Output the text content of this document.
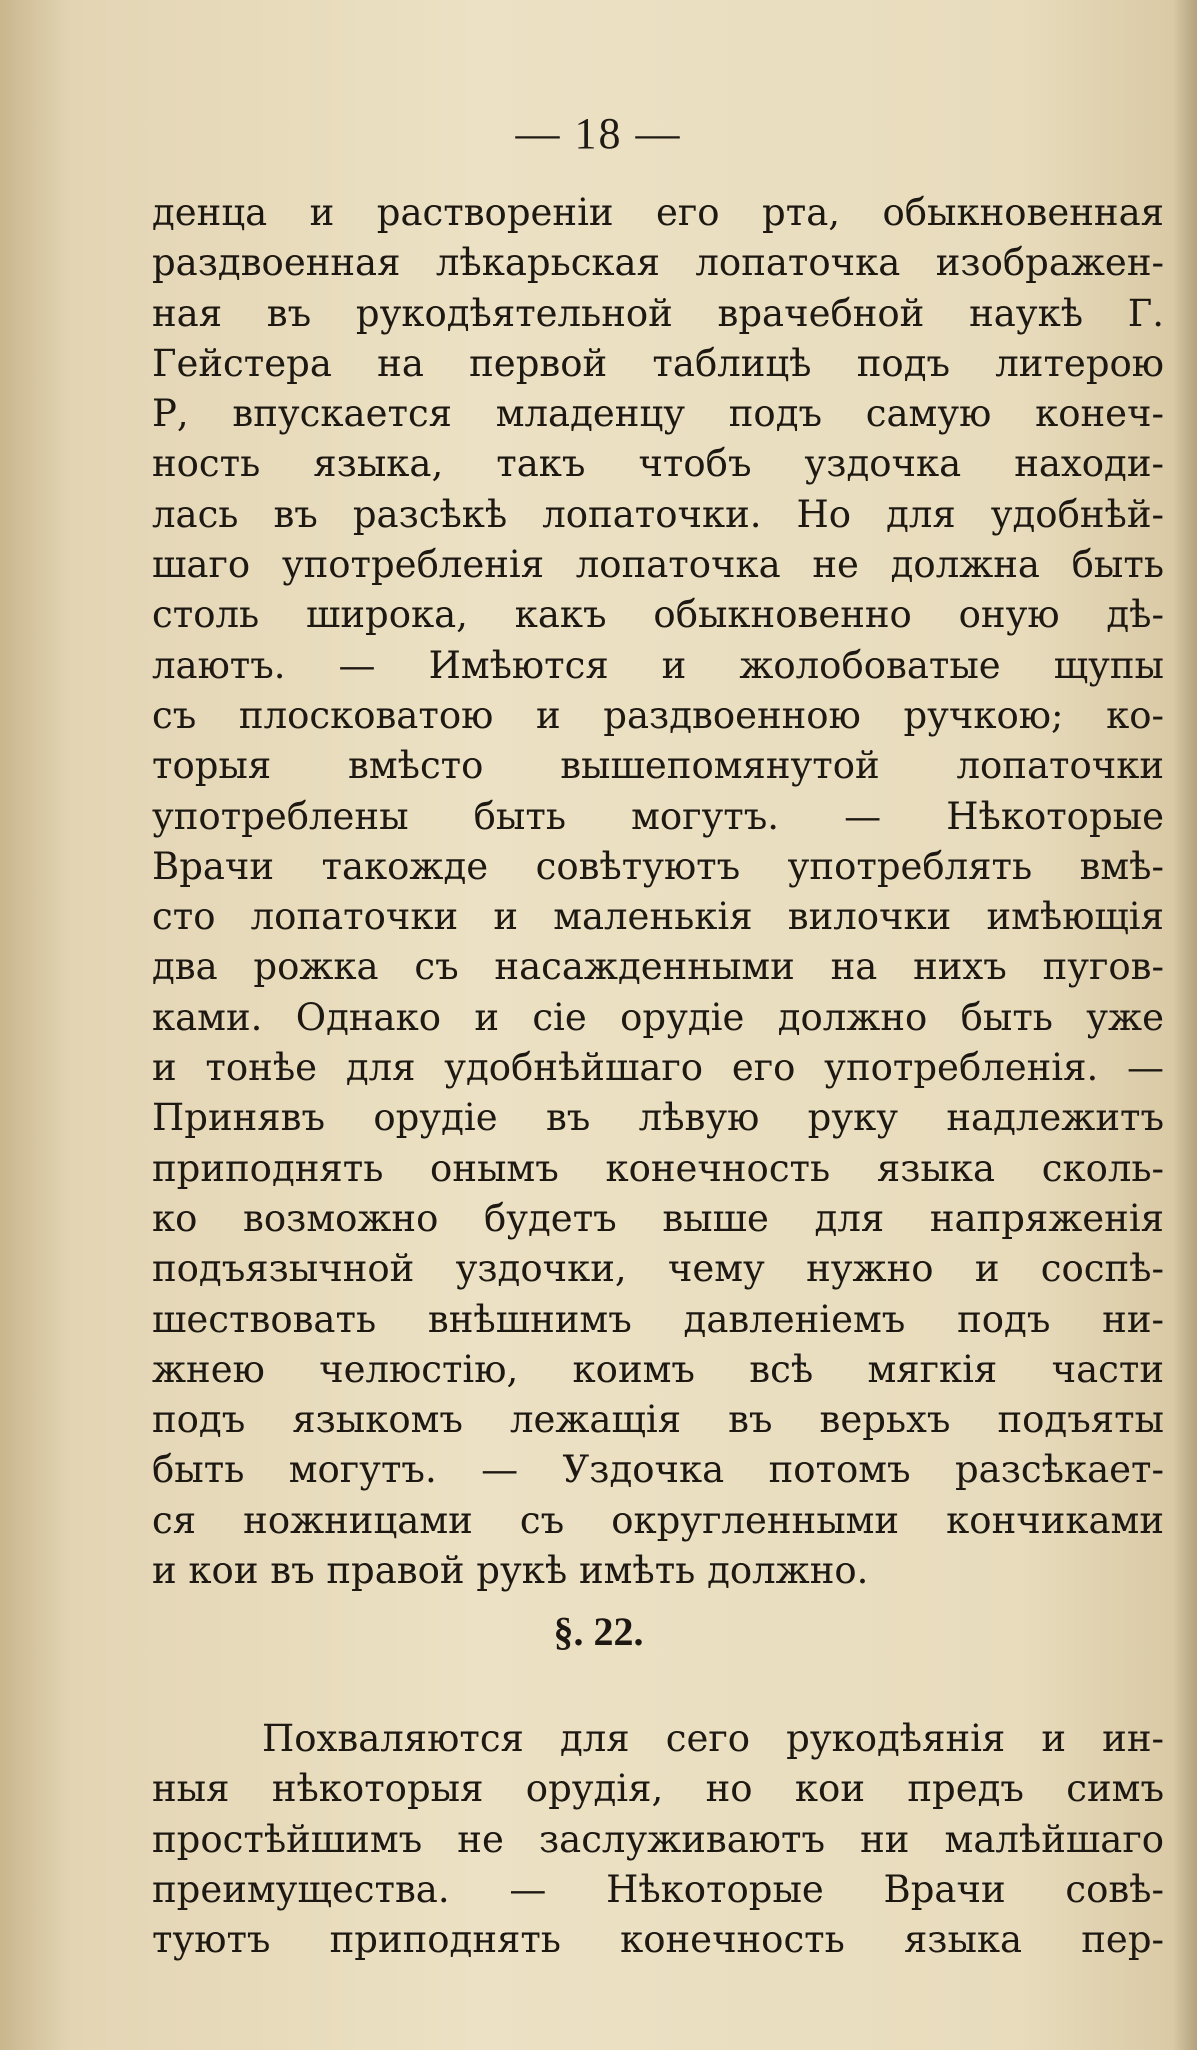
— 18 —
денца и раствореніи его рта, обыкновенная
раздвоенная лѣкарьская лопаточка изображен-
ная въ рукодѣятельной врачебной наукѣ Г.
Гейстера на первой таблицѣ подъ литерою
Р, впускается младенцу подъ самую конеч-
ность языка, такъ чтобъ уздочка находи-
лась въ разсѣкѣ лопаточки. Но для удобнѣй-
шаго употребленія лопаточка не должна быть
столь широка, какъ обыкновенно оную дѣ-
лаютъ. — Имѣются и жолобоватые щупы
съ плосковатою и раздвоенною ручкою; ко-
торыя вмѣсто вышепомянутой лопаточки
употреблены быть могутъ. — Нѣкоторые
Врачи такожде совѣтуютъ употреблять вмѣ-
сто лопаточки и маленькія вилочки имѣющія
два рожка съ насажденными на нихъ пугов-
ками. Однако и сіе орудіе должно быть уже
и тонѣе для удобнѣйшаго его употребленія. —
Принявъ орудіе въ лѣвую руку надлежитъ
приподнять онымъ конечность языка сколь-
ко возможно будетъ выше для напряженія
подъязычной уздочки, чему нужно и соспѣ-
шествовать внѣшнимъ давленіемъ подъ ни-
жнею челюстію, коимъ всѣ мягкія части
подъ языкомъ лежащія въ верьхъ подъяты
быть могутъ. — Уздочка потомъ разсѣкает-
ся ножницами съ округленными кончиками
и кои въ правой рукѣ имѣть должно.
§. 22.
Похваляются для сего рукодѣянія и ин-
ныя нѣкоторыя орудія, но кои предъ симъ
простѣйшимъ не заслуживаютъ ни малѣйшаго
преимущества. — Нѣкоторые Врачи совѣ-
туютъ приподнять конечность языка пер-
